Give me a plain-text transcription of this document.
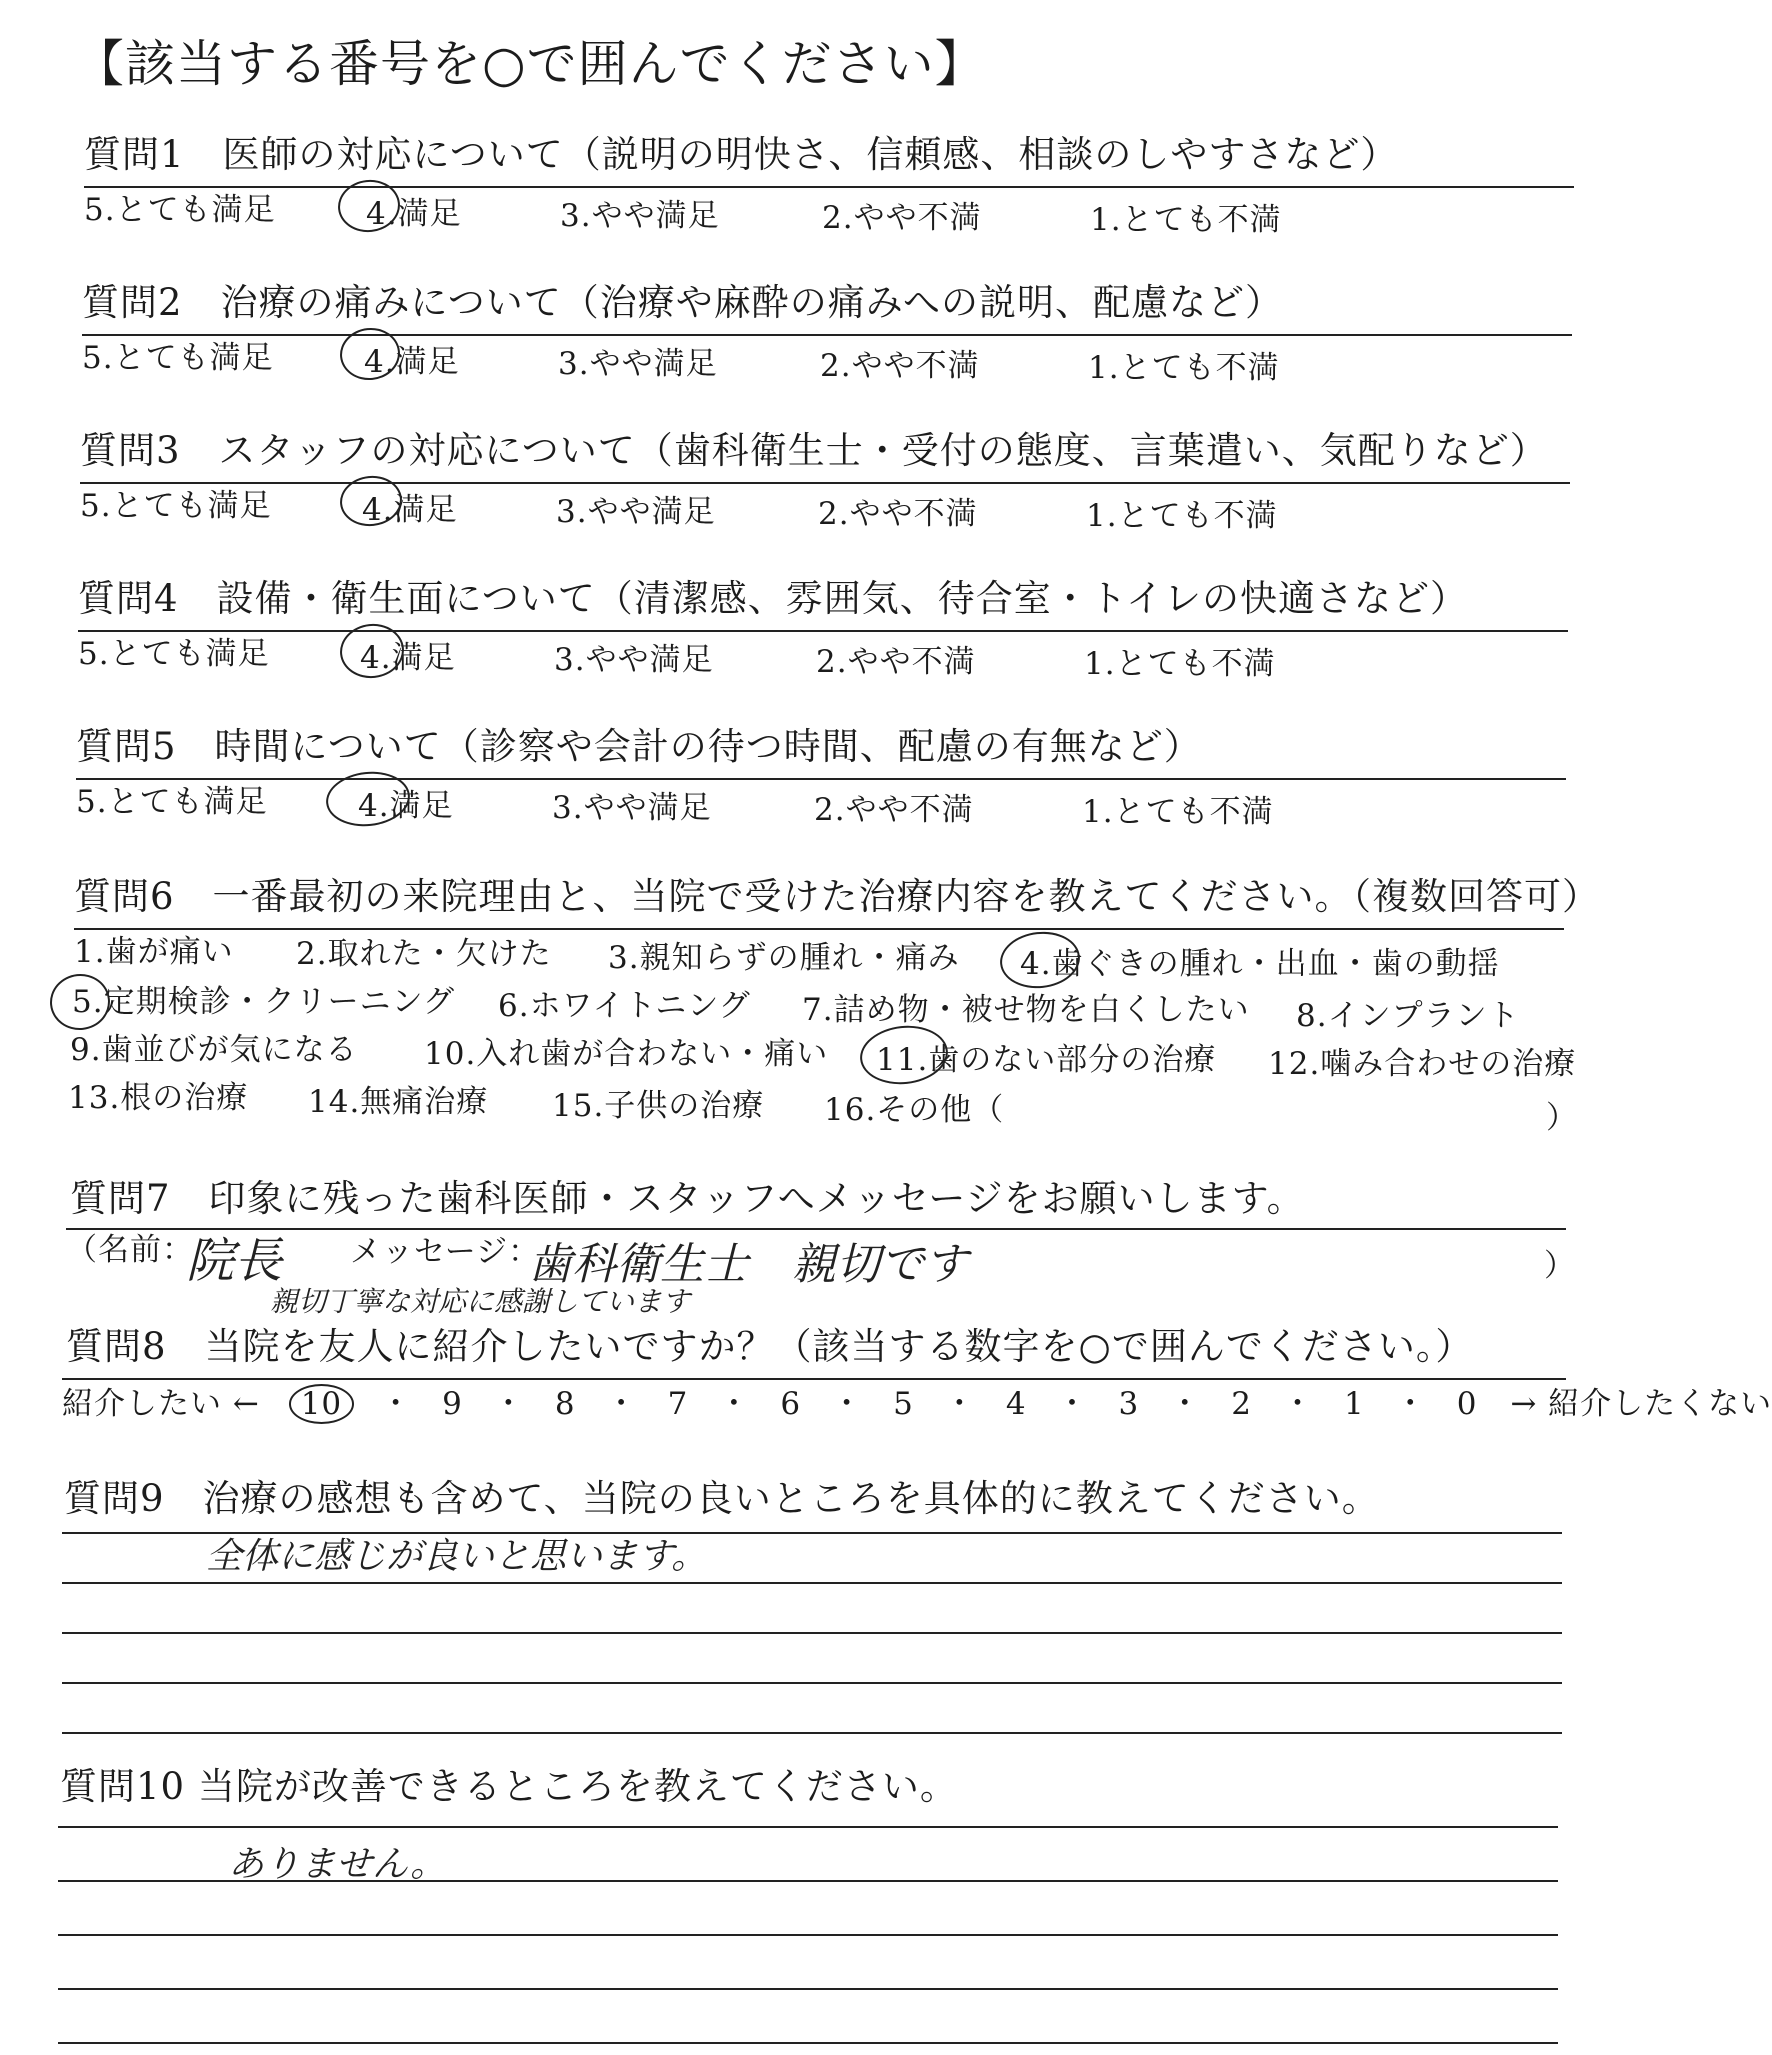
【該当する番号を○で囲んでください】
質問1　医師の対応について（説明の明快さ、信頼感、相談のしやすさなど）
5.とても満足	4.満足	3.やや満足	2.やや不満	1.とても不満
質問2　治療の痛みについて（治療や麻酔の痛みへの説明、配慮など）
5.とても満足	4.満足	3.やや満足	2.やや不満	1.とても不満
質問3　スタッフの対応について（歯科衛生士・受付の態度、言葉遣い、気配りなど）
5.とても満足	4.満足	3.やや満足	2.やや不満	1.とても不満
質問4　設備・衛生面について（清潔感、雰囲気、待合室・トイレの快適さなど）
5.とても満足	4.満足	3.やや満足	2.やや不満	1.とても不満
質問5　時間について（診察や会計の待つ時間、配慮の有無など）
5.とても満足	4.満足	3.やや満足	2.やや不満	1.とても不満
質問6　一番最初の来院理由と、当院で受けた治療内容を教えてください。（複数回答可）
1.歯が痛い 2.取れた・欠けた 3.親知らずの腫れ・痛み 4.歯ぐきの腫れ・出血・歯の動揺
5.定期検診・クリーニング 6.ホワイトニング 7.詰め物・被せ物を白くしたい 8.インプラント
9.歯並びが気になる 10.入れ歯が合わない・痛い 11.歯のない部分の治療 12.噛み合わせの治療
13.根の治療 14.無痛治療 15.子供の治療 16.その他（	）
質問7　印象に残った歯科医師・スタッフへメッセージをお願いします。
（名前：
院長 メッセージ：
歯科衛生士　親切です
親切丁寧な対応に感謝しています
）
質問8　当院を友人に紹介したいですか？（該当する数字を○で囲んでください。）
紹介したい ← 10 ・ 9 ・ 8 ・ 7 ・ 6 ・ 5 ・ 4 ・ 3 ・ 2 ・ 1 ・ 0 → 紹介したくない
質問9　治療の感想も含めて、当院の良いところを具体的に教えてください。
全体に感じが良いと思います。
質問10 当院が改善できるところを教えてください。
ありません。
